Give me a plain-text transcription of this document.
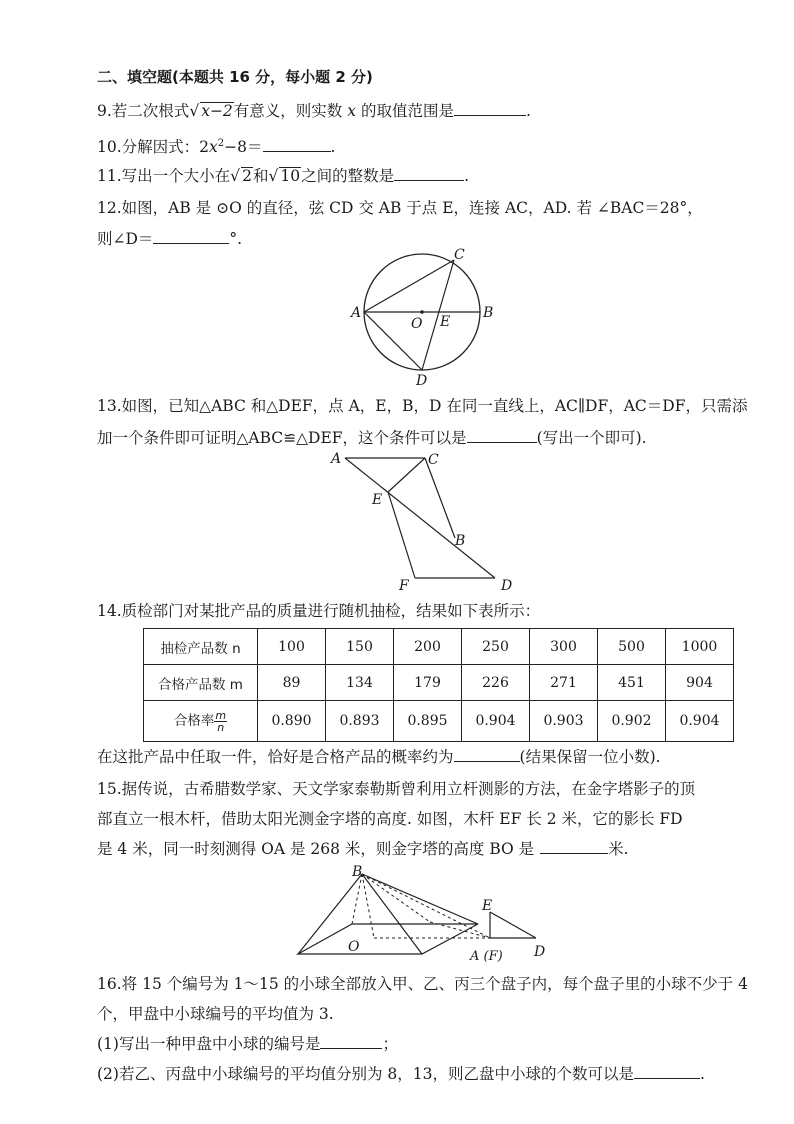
二、填空题(本题共 16 分，每小题 2 分)
9.若二次根式√ x−2有意义，则实数 x 的取值范围是	.
10.分解因式：$2x^2-8=$	.
11.写出一个大小在√ 2和√ 10之间的整数是	.
12.如图，AB 是 ⊙O 的直径，弦 CD 交 AB 于点 E，连接 AC，AD. 若 ∠BAC＝28°，
则∠D＝	°.
A	B
C
D
O E
13.如图，已知△ABC 和△DEF，点 A，E，B，D 在同一直线上，AC∥DF，AC＝DF，只需添
加一个条件即可证明△ABC≌△DEF，这个条件可以是	(写出一个即可).
A	C
E
B
F	D
14.质检部门对某批产品的质量进行随机抽检，结果如下表所示：
抽检产品数 n	100	150	200	250	300	500	1000
合格产品数 m	89	134	179	226	271	451	904
合格率 $\frac{m}{n}$	0.890	0.893	0.895	0.904	0.903	0.902	0.904
在这批产品中任取一件，恰好是合格产品的概率约为	(结果保留一位小数).
15.据传说，古希腊数学家、天文学家泰勒斯曾利用立杆测影的方法，在金字塔影子的顶
部直立一根木杆，借助太阳光测金字塔的高度. 如图，木杆 EF 长 2 米，它的影长 FD
是 4 米，同一时刻测得 OA 是 268 米，则金字塔的高度 BO 是	米.
B
E
O
A (F) D
16.将 15 个编号为 1～15 的小球全部放入甲、乙、丙三个盘子内，每个盘子里的小球不少于 4
个，甲盘中小球编号的平均值为 3.
(1)写出一种甲盘中小球的编号是	；
(2)若乙、丙盘中小球编号的平均值分别为 8，13，则乙盘中小球的个数可以是	.
